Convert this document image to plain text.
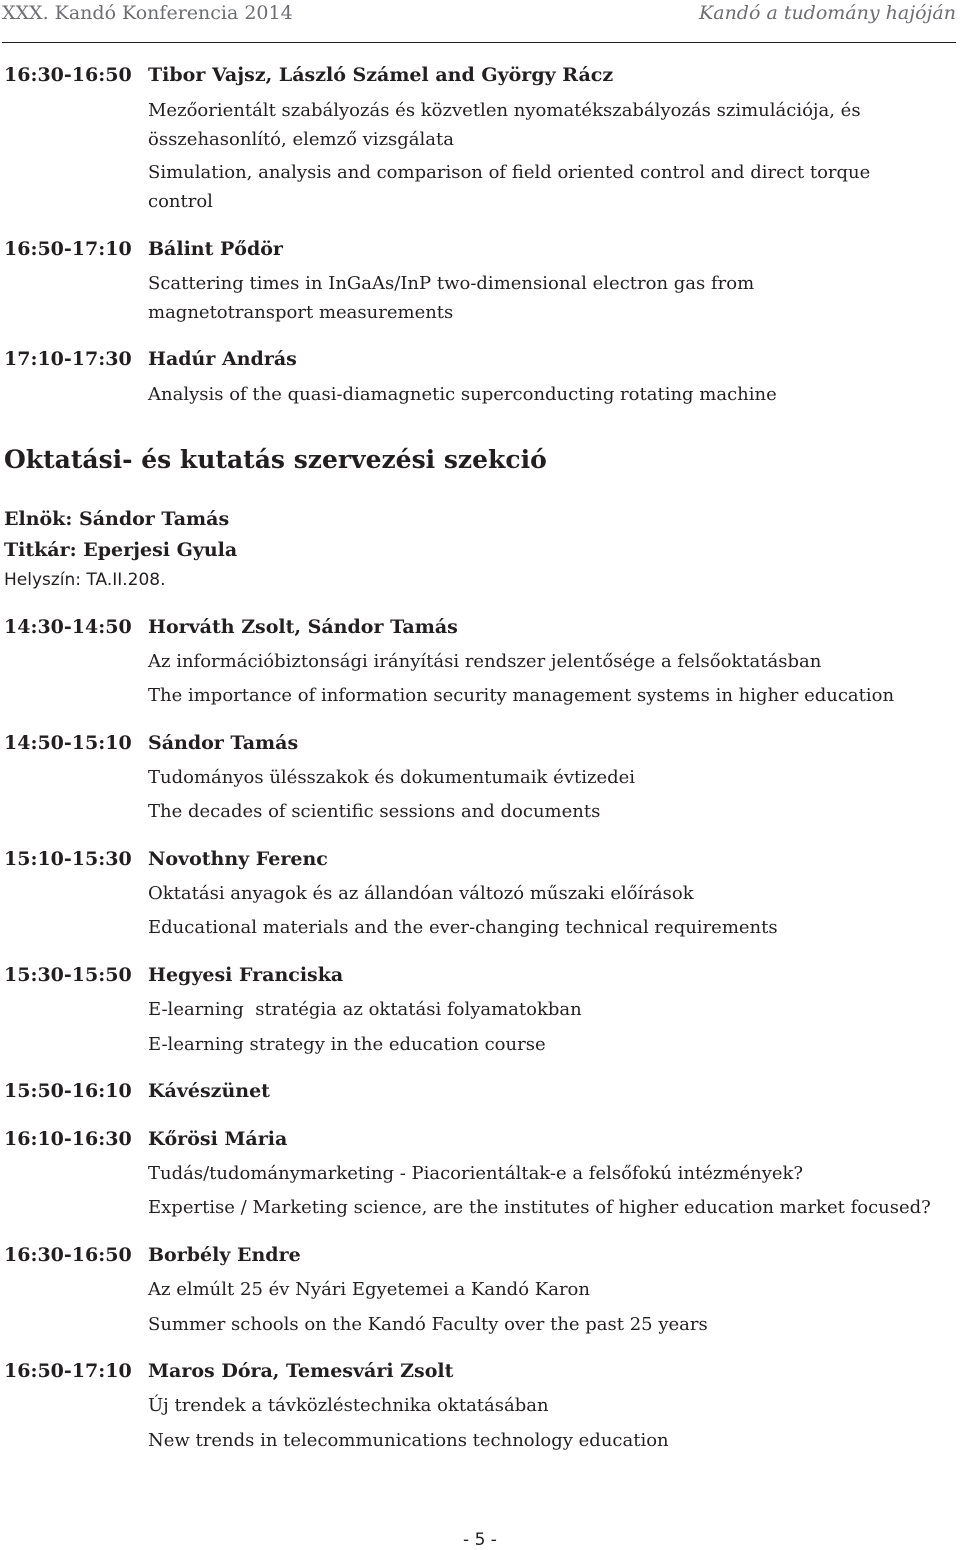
XXX. Kandó Konferencia 2014	Kandó a tudomány hajóján
16:30-16:50 Tibor Vajsz, László Számel and György Rácz
Mezőorientált szabályozás és közvetlen nyomatékszabályozás szimulációja, és
összehasonlító, elemző vizsgálata
Simulation, analysis and comparison of field oriented control and direct torque
control
16:50-17:10 Bálint Pődör
Scattering times in InGaAs/InP two-dimensional electron gas from
magnetotransport measurements
17:10-17:30 Hadúr András
Analysis of the quasi-diamagnetic superconducting rotating machine
Oktatási- és kutatás szervezési szekció
Elnök: Sándor Tamás
Titkár: Eperjesi Gyula
Helyszín: TA.II.208.
14:30-14:50 Horváth Zsolt, Sándor Tamás
Az információbiztonsági irányítási rendszer jelentősége a felsőoktatásban
The importance of information security management systems in higher education
14:50-15:10 Sándor Tamás
Tudományos ülésszakok és dokumentumaik évtizedei
The decades of scientific sessions and documents
15:10-15:30 Novothny Ferenc
Oktatási anyagok és az állandóan változó műszaki előírások
Educational materials and the ever-changing technical requirements
15:30-15:50 Hegyesi Franciska
E-learning  stratégia az oktatási folyamatokban
E-learning strategy in the education course
15:50-16:10 Kávészünet
16:10-16:30 Kőrösi Mária
Tudás/tudománymarketing - Piacorientáltak-e a felsőfokú intézmények?
Expertise / Marketing science, are the institutes of higher education market focused?
16:30-16:50 Borbély Endre
Az elmúlt 25 év Nyári Egyetemei a Kandó Karon
Summer schools on the Kandó Faculty over the past 25 years
16:50-17:10 Maros Dóra, Temesvári Zsolt
Új trendek a távközléstechnika oktatásában
New trends in telecommunications technology education
- 5 -
